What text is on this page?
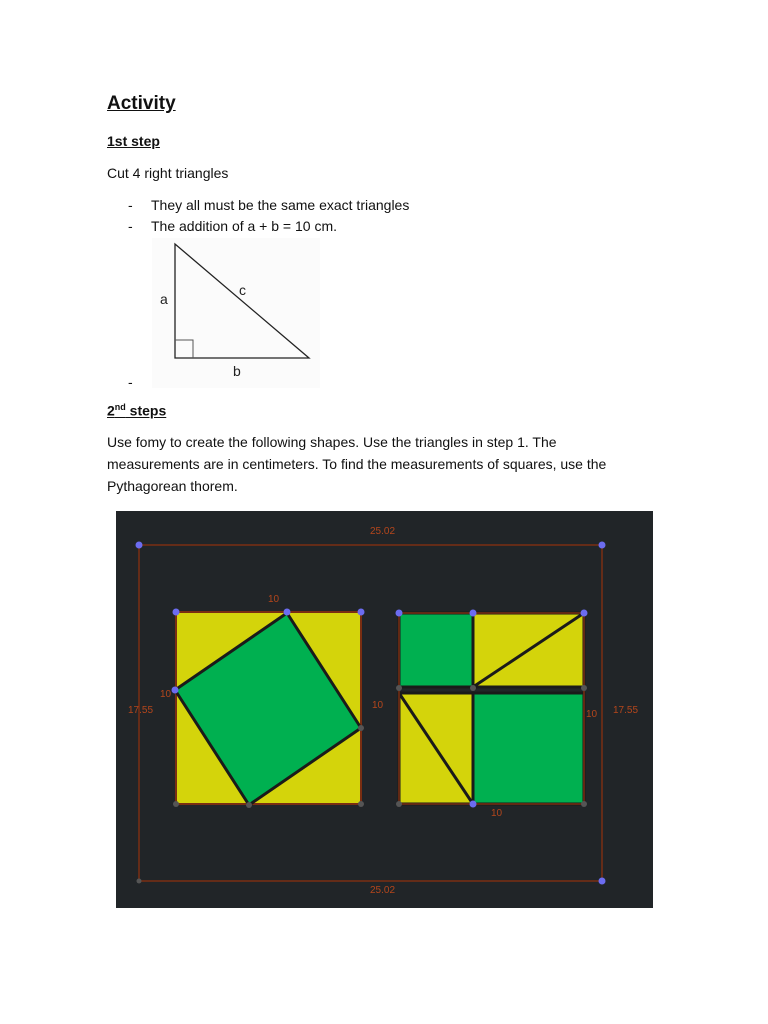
Activity
1st step

Cut 4 right triangles

- They all must be the same exact triangles
- The addition of a + b = 10 cm.
a
c
b
-
2nd steps

Use fomy to create the following shapes. Use the triangles in step 1. The

measurements are in centimeters. To find the measurements of squares, use the

Pythagorean thorem.

25.02
25.02
17.55	17.55
10
10
10
10
10
